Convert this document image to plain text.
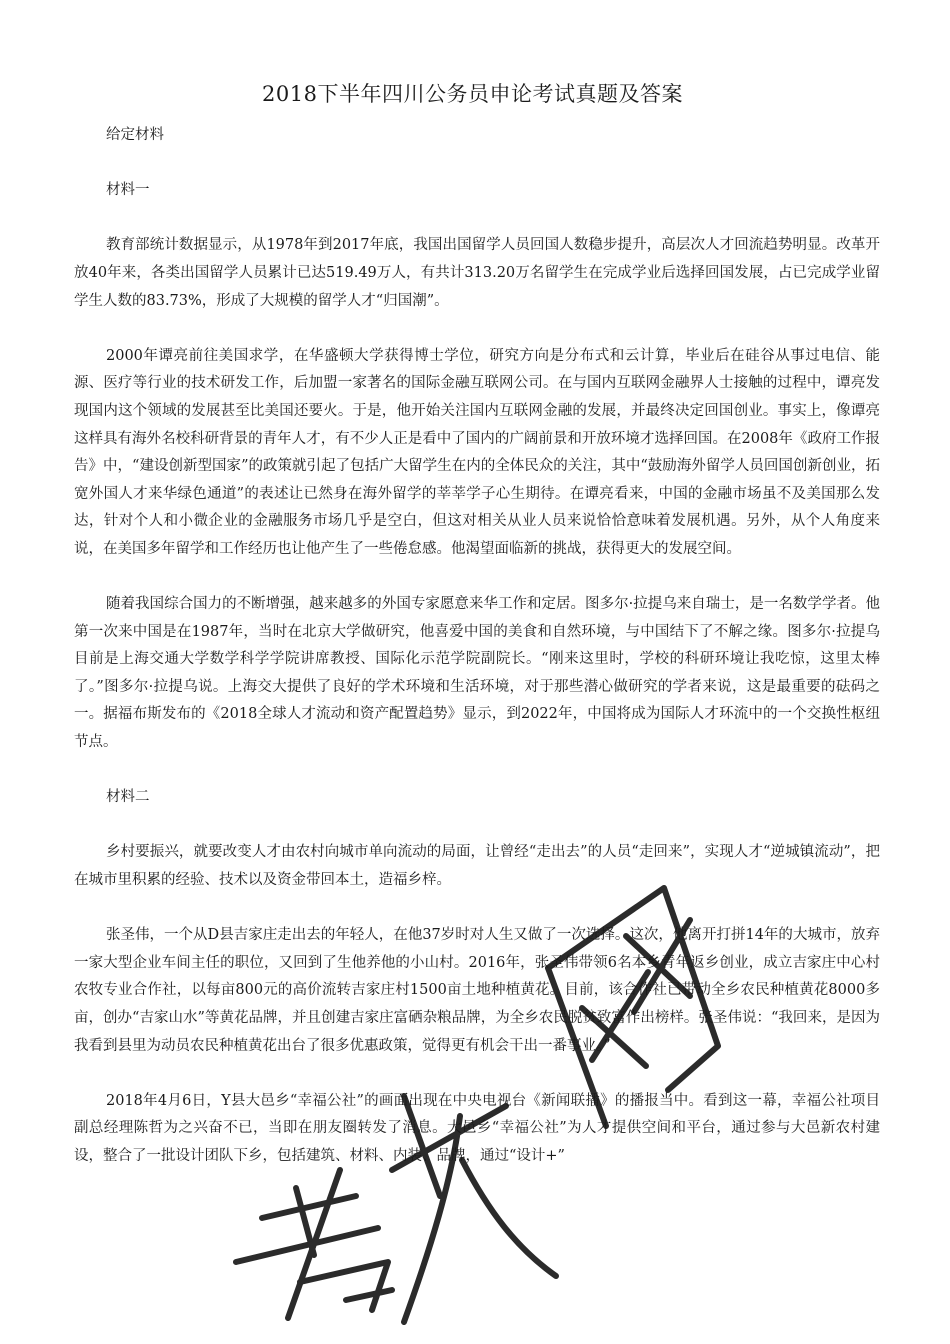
2018下半年四川公务员申论考试真题及答案

给定材料

材料一

教育部统计数据显示，从1978年到2017年底，我国出国留学人员回国人数稳步提升，高层次人才回流趋势明显。改革开放40年来，各类出国留学人员累计已达519.49万人，有共计313.20万名留学生在完成学业后选择回国发展，占已完成学业留学生人数的83.73%，形成了大规模的留学人才“归国潮”。

2000年谭亮前往美国求学，在华盛顿大学获得博士学位，研究方向是分布式和云计算，毕业后在硅谷从事过电信、能源、医疗等行业的技术研发工作，后加盟一家著名的国际金融互联网公司。在与国内互联网金融界人士接触的过程中，谭亮发现国内这个领域的发展甚至比美国还要火。于是，他开始关注国内互联网金融的发展，并最终决定回国创业。事实上，像谭亮这样具有海外名校科研背景的青年人才，有不少人正是看中了国内的广阔前景和开放环境才选择回国。在2008年《政府工作报告》中，“建设创新型国家”的政策就引起了包括广大留学生在内的全体民众的关注，其中“鼓励海外留学人员回国创新创业，拓宽外国人才来华绿色通道”的表述让已然身在海外留学的莘莘学子心生期待。在谭亮看来，中国的金融市场虽不及美国那么发达，针对个人和小微企业的金融服务市场几乎是空白，但这对相关从业人员来说恰恰意味着发展机遇。另外，从个人角度来说，在美国多年留学和工作经历也让他产生了一些倦怠感。他渴望面临新的挑战，获得更大的发展空间。

随着我国综合国力的不断增强，越来越多的外国专家愿意来华工作和定居。图多尔·拉提乌来自瑞士，是一名数学学者。他第一次来中国是在1987年，当时在北京大学做研究，他喜爱中国的美食和自然环境，与中国结下了不解之缘。图多尔·拉提乌目前是上海交通大学数学科学学院讲席教授、国际化示范学院副院长。“刚来这里时，学校的科研环境让我吃惊，这里太棒了。”图多尔·拉提乌说。上海交大提供了良好的学术环境和生活环境，对于那些潜心做研究的学者来说，这是最重要的砝码之一。据福布斯发布的《2018全球人才流动和资产配置趋势》显示，到2022年，中国将成为国际人才环流中的一个交换性枢纽节点。

材料二

乡村要振兴，就要改变人才由农村向城市单向流动的局面，让曾经“走出去”的人员“走回来”，实现人才“逆城镇流动”，把在城市里积累的经验、技术以及资金带回本土，造福乡梓。

张圣伟，一个从D县吉家庄走出去的年轻人，在他37岁时对人生又做了一次选择。这次，他离开打拼14年的大城市，放弃一家大型企业车间主任的职位，又回到了生他养他的小山村。2016年，张圣伟带领6名本乡青年返乡创业，成立吉家庄中心村农牧专业合作社，以每亩800元的高价流转吉家庄村1500亩土地种植黄花。目前，该合作社已带动全乡农民种植黄花8000多亩，创办“吉家山水”等黄花品牌，并且创建吉家庄富硒杂粮品牌，为全乡农民脱贫致富作出榜样。张圣伟说：“我回来，是因为我看到县里为动员农民种植黄花出台了很多优惠政策，觉得更有机会干出一番事业。”

2018年4月6日，Y县大邑乡“幸福公社”的画面出现在中央电视台《新闻联播》的播报当中。看到这一幕，幸福公社项目副总经理陈哲为之兴奋不已，当即在朋友圈转发了消息。大邑乡“幸福公社”为人才提供空间和平台，通过参与大邑新农村建设，整合了一批设计团队下乡，包括建筑、材料、内装、品牌，通过“设计+”
